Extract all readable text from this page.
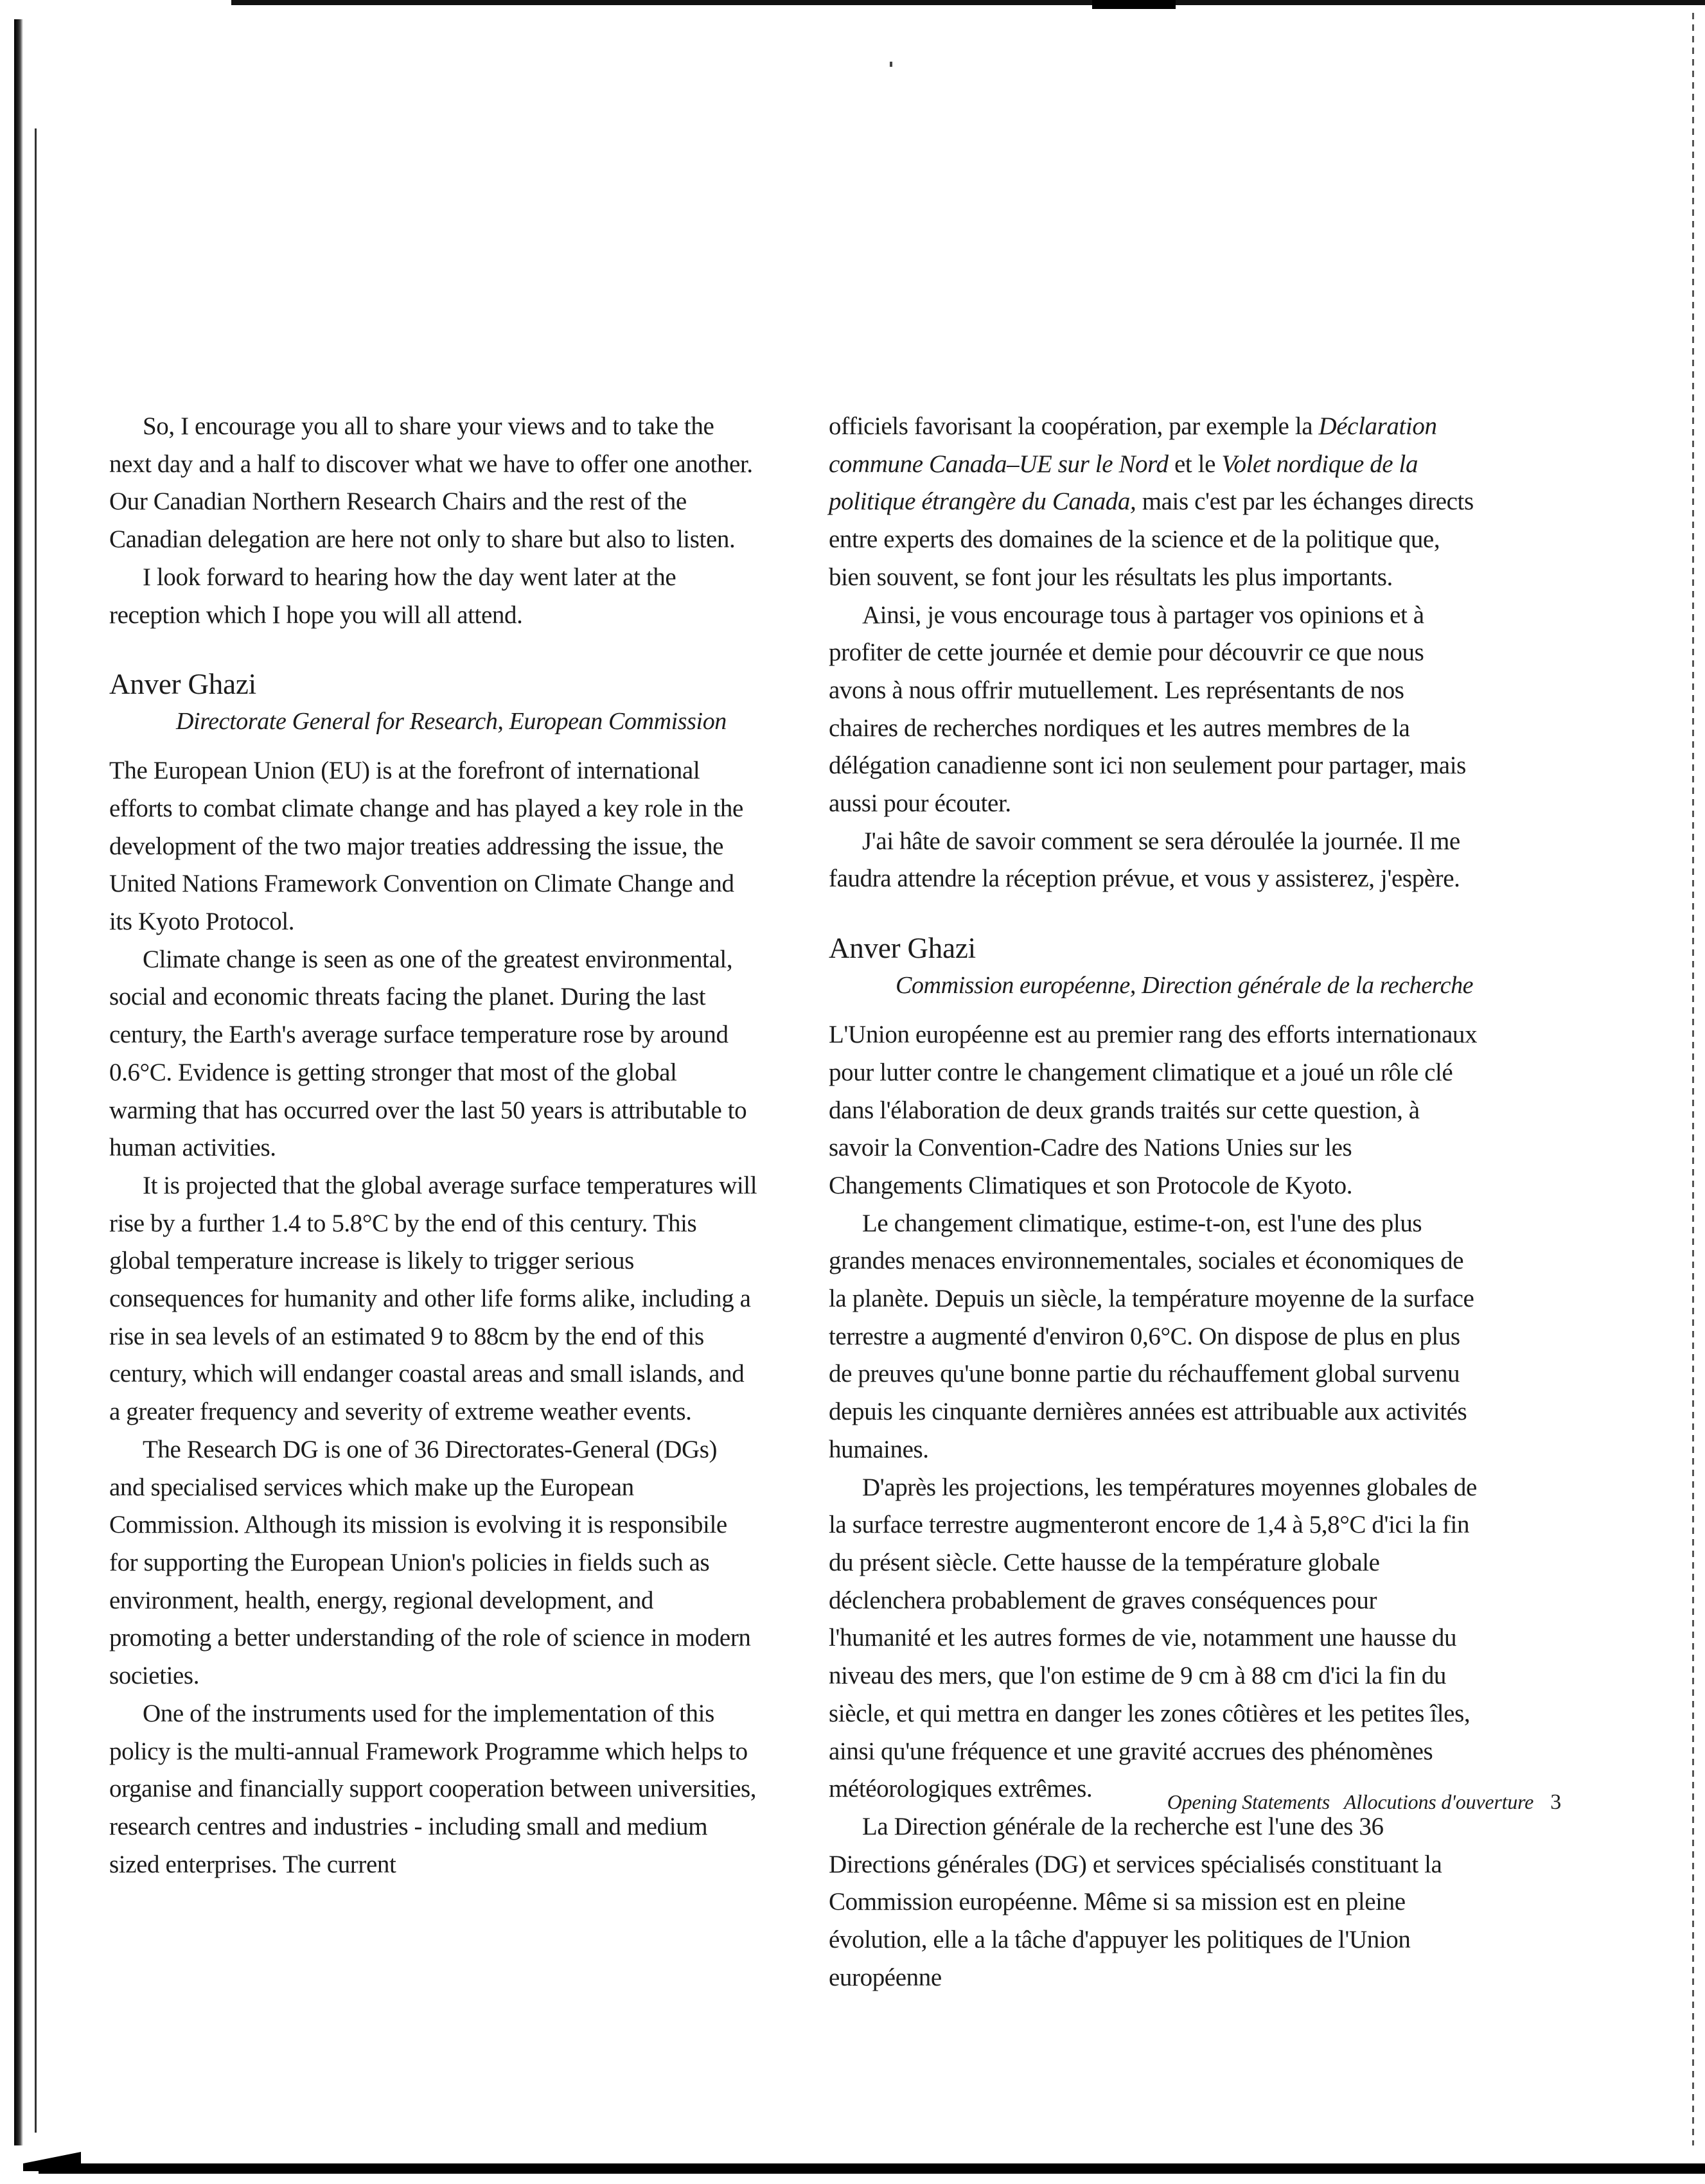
So, I encourage you all to share your views and to take the next day and a half to discover what we have to offer one another. Our Canadian Northern Research Chairs and the rest of the Canadian delegation are here not only to share but also to listen.

I look forward to hearing how the day went later at the reception which I hope you will all attend.

Anver Ghazi

Directorate General for Research, European Commission

The European Union (EU) is at the forefront of international efforts to combat climate change and has played a key role in the development of the two major treaties addressing the issue, the United Nations Framework Convention on Climate Change and its Kyoto Protocol.

Climate change is seen as one of the greatest environmental, social and economic threats facing the planet. During the last century, the Earth's average surface temperature rose by around 0.6°C. Evidence is getting stronger that most of the global warming that has occurred over the last 50 years is attributable to human activities.

It is projected that the global average surface temperatures will rise by a further 1.4 to 5.8°C by the end of this century. This global temperature increase is likely to trigger serious consequences for humanity and other life forms alike, including a rise in sea levels of an estimated 9 to 88cm by the end of this century, which will endanger coastal areas and small islands, and a greater frequency and severity of extreme weather events.

The Research DG is one of 36 Directorates-General (DGs) and specialised services which make up the European Commission. Although its mission is evolving it is responsibile for supporting the European Union's policies in fields such as environment, health, energy, regional development, and promoting a better understanding of the role of science in modern societies.

One of the instruments used for the implementation of this policy is the multi-annual Framework Programme which helps to organise and financially support cooperation between universities, research centres and industries - including small and medium sized enterprises. The current

officiels favorisant la coopération, par exemple la Déclaration commune Canada–UE sur le Nord et le Volet nordique de la politique étrangère du Canada, mais c'est par les échanges directs entre experts des domaines de la science et de la politique que, bien souvent, se font jour les résultats les plus importants.

Ainsi, je vous encourage tous à partager vos opinions et à profiter de cette journée et demie pour découvrir ce que nous avons à nous offrir mutuellement. Les représentants de nos chaires de recherches nordiques et les autres membres de la délégation canadienne sont ici non seulement pour partager, mais aussi pour écouter.

J'ai hâte de savoir comment se sera déroulée la journée. Il me faudra attendre la réception prévue, et vous y assisterez, j'espère.

Anver Ghazi

Commission européenne, Direction générale de la recherche

L'Union européenne est au premier rang des efforts internationaux pour lutter contre le changement climatique et a joué un rôle clé dans l'élaboration de deux grands traités sur cette question, à savoir la Convention-Cadre des Nations Unies sur les Changements Climatiques et son Protocole de Kyoto.

Le changement climatique, estime-t-on, est l'une des plus grandes menaces environnementales, sociales et économiques de la planète. Depuis un siècle, la température moyenne de la surface terrestre a augmenté d'environ 0,6°C. On dispose de plus en plus de preuves qu'une bonne partie du réchauffement global survenu depuis les cinquante dernières années est attribuable aux activités humaines.

D'après les projections, les températures moyennes globales de la surface terrestre augmenteront encore de 1,4 à 5,8°C d'ici la fin du présent siècle. Cette hausse de la température globale déclenchera probablement de graves conséquences pour l'humanité et les autres formes de vie, notamment une hausse du niveau des mers, que l'on estime de 9 cm à 88 cm d'ici la fin du siècle, et qui mettra en danger les zones côtières et les petites îles, ainsi qu'une fréquence et une gravité accrues des phénomènes météorologiques extrêmes.

La Direction générale de la recherche est l'une des 36 Directions générales (DG) et services spécialisés constituant la Commission européenne. Même si sa mission est en pleine évolution, elle a la tâche d'appuyer les politiques de l'Union européenne

Opening Statements Allocutions d'ouverture 3
